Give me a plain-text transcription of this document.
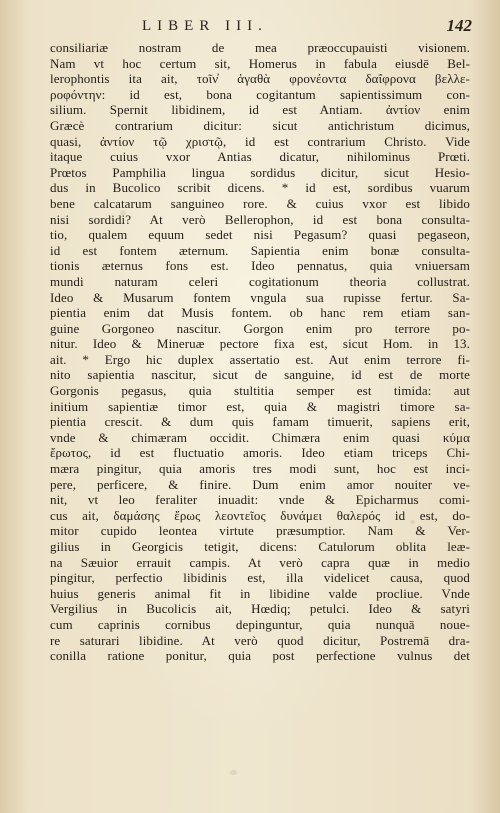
LIBER III.	142
consiliariæ nostram de mea præoccupauisti visionem.
Nam vt hoc certum sit, Homerus in fabula eiusdē Bel-
lerophontis ita ait, τοῖν̓ ἀγαθὰ φρονέοντα δαΐφρονα βελλε-
ροφόντην: id est, bona cogitantum sapientissimum con-
silium. Spernit libidinem, id est Antiam. ἀντίον enim
Græcè contrarium dicitur: sicut antichristum dicimus,
quasi, ἀντίον τῷ χριστῷ, id est contrarium Christo. Vide
itaque cuius vxor Antias dicatur, nihilominus Prœti.
Prœtos Pamphilia lingua sordidus dicitur, sicut Hesio-
dus in Bucolico scribit dicens. * id est, sordibus vuarum
bene calcatarum sanguineo rore. & cuius vxor est libido
nisi sordidi? At verò Bellerophon, id est bona consulta-
tio, qualem equum sedet nisi Pegasum? quasi pegaseon,
id est fontem æternum. Sapientia enim bonæ consulta-
tionis æternus fons est. Ideo pennatus, quia vniuersam
mundi naturam celeri cogitationum theoria collustrat.
Ideo & Musarum fontem vngula sua rupisse fertur. Sa-
pientia enim dat Musis fontem. ob hanc rem etiam san-
guine Gorgoneo nascitur. Gorgon enim pro terrore po-
nitur. Ideo & Mineruæ pectore fixa est, sicut Hom. in 13.
ait. * Ergo hic duplex assertatio est. Aut enim terrore fi-
nito sapientia nascitur, sicut de sanguine, id est de morte
Gorgonis pegasus, quia stultitia semper est timida: aut
initium sapientiæ timor est, quia & magistri timore sa-
pientia crescit. & dum quis famam timuerit, sapiens erit,
vnde & chimæram occidit. Chimæra enim quasi κύμα
ἔρωτος, id est fluctuatio amoris. Ideo etiam triceps Chi-
mæra pingitur, quia amoris tres modi sunt, hoc est inci-
pere, perficere, & finire. Dum enim amor nouiter ve-
nit, vt leo feraliter inuadit: vnde & Epicharmus comi-
cus ait, δαμάσης ἔρως λεοντεῖος δυνάμει θαλερός id est, do-
mitor cupido leontea virtute præsumptior. Nam & Ver-
gilius in Georgicis tetigit, dicens: Catulorum oblita leæ-
na Sæuior errauit campis. At verò capra quæ in medio
pingitur, perfectio libidinis est, illa videlicet causa, quod
huius generis animal fit in libidine valde procliue. Vnde
Vergilius in Bucolicis ait, Hœdiq; petulci. Ideo & satyri
cum caprinis cornibus depinguntur, quia nunquā noue-
re saturari libidine. At verò quod dicitur, Postremā dra-
conilla ratione ponitur, quia post perfectione vulnus det
